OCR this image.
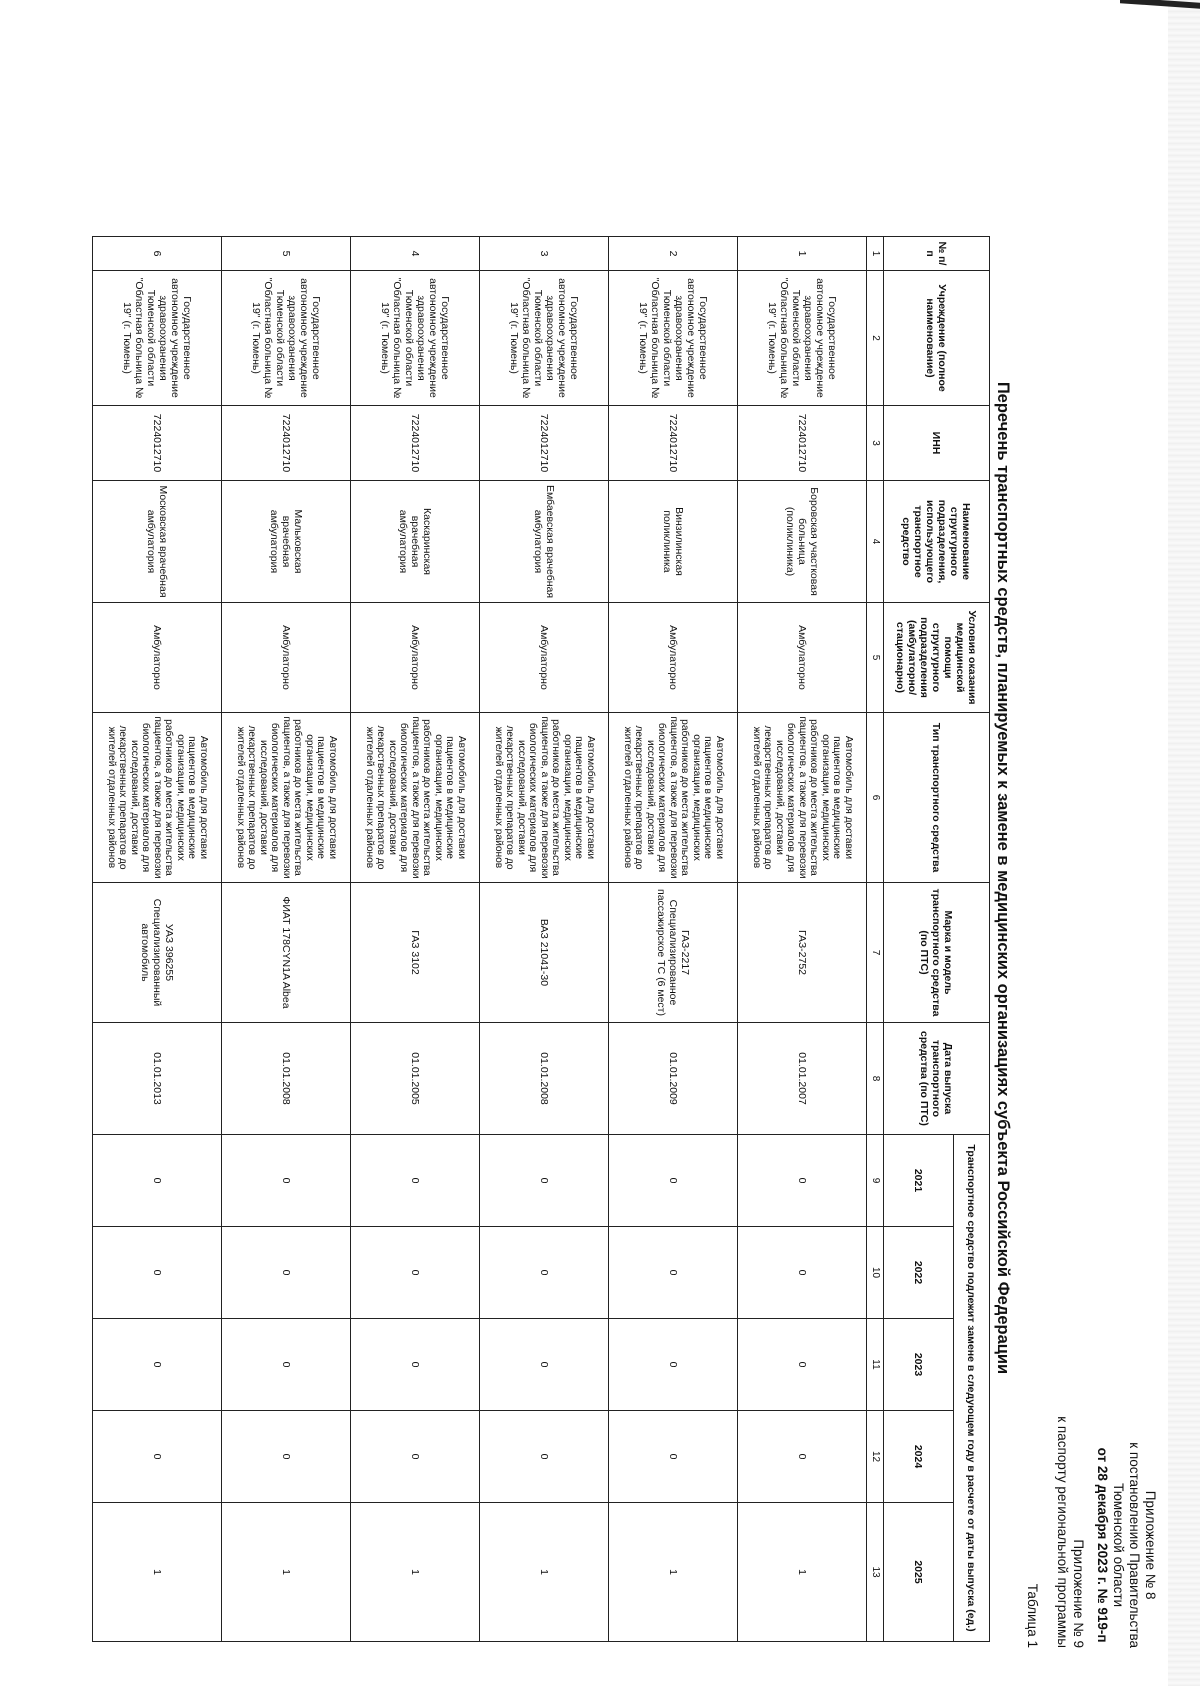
Приложение № 8
к постановлению Правительства
Тюменской области
от 28 декабря 2023 г. № 919-п
Приложение № 9
к паспорту региональной программы
Таблица 1
Перечень транспортных средств, планируемых к замене в медицинских организациях субъекта Российской Федерации
№ п/п	Учреждение (полное наименование)	ИНН	Наименование структурного подразделения, использующего транспортное средство	Условия оказания медицинской помощи структурного подразделения (амбулаторно/ стационарно)	Тип транспортного средства	Марка и модель транспортного средства (по ПТС)	Дата выпуска транспортного средства (по ПТС)	Транспортное средство подлежит замене в следующем году в расчете от даты выпуска (ед.)				
								2021	2022	2023	2024	2025
1	2	3	4	5	6	7	8	9	10	11	12	13
1	Государственное автономное учреждение здравоохранения Тюменской области "Областная больница № 19" (г. Тюмень)	7224012710	Боровская участковая больница (поликлиника)	Амбулаторно	Автомобиль для доставки пациентов в медицинские организации, медицинских работников до места жительства пациентов, а также для перевозки биологических материалов для исследований, доставки лекарственных препаратов до жителей отдаленных районов	ГАЗ-2752	01.01.2007	0	0	0	0	1
2	Государственное автономное учреждение здравоохранения Тюменской области "Областная больница № 19" (г. Тюмень)	7224012710	Винзилинская поликлиника	Амбулаторно	Автомобиль для доставки пациентов в медицинские организации, медицинских работников до места жительства пациентов, а также для перевозки биологических материалов для исследований, доставки лекарственных препаратов до жителей отдаленных районов	ГАЗ-2217 Специализированное пассажирское ТС (6 мест)	01.01.2009	0	0	0	0	1
3	Государственное автономное учреждение здравоохранения Тюменской области "Областная больница № 19" (г. Тюмень)	7224012710	Ембаевская врачебная амбулатория	Амбулаторно	Автомобиль для доставки пациентов в медицинские организации, медицинских работников до места жительства пациентов, а также для перевозки биологических материалов для исследований, доставки лекарственных препаратов до жителей отдаленных районов	ВАЗ 21041-30	01.01.2008	0	0	0	0	1
4	Государственное автономное учреждение здравоохранения Тюменской области "Областная больница № 19" (г. Тюмень)	7224012710	Каскаринская врачебная амбулатория	Амбулаторно	Автомобиль для доставки пациентов в медицинские организации, медицинских работников до места жительства пациентов, а также для перевозки биологических материалов для исследований, доставки лекарственных препаратов до жителей отдаленных районов	ГАЗ 3102	01.01.2005	0	0	0	0	1
5	Государственное автономное учреждение здравоохранения Тюменской области "Областная больница № 19" (г. Тюмень)	7224012710	Мальковская врачебная амбулатория	Амбулаторно	Автомобиль для доставки пациентов в медицинские организации, медицинских работников до места жительства пациентов, а также для перевозки биологических материалов для исследований, доставки лекарственных препаратов до жителей отдаленных районов	ФИАТ 178CYN1A Albea	01.01.2008	0	0	0	0	1
6	Государственное автономное учреждение здравоохранения Тюменской области "Областная больница № 19" (г. Тюмень)	7224012710	Московская врачебная амбулатория	Амбулаторно	Автомобиль для доставки пациентов в медицинские организации, медицинских работников до места жительства пациентов, а также для перевозки биологических материалов для исследований, доставки лекарственных препаратов до жителей отдаленных районов	УАЗ 396255 Специализированный автомобиль	01.01.2013	0	0	0	0	1
